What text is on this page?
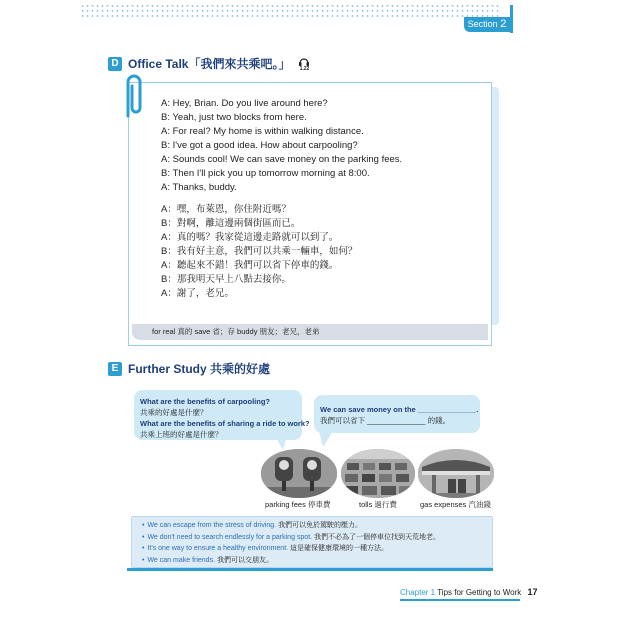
Section 2
D Office Talk「我們來共乘吧。」 1.22
A: Hey, Brian. Do you live around here?
B: Yeah, just two blocks from here.
A: For real? My home is within walking distance.
B: I've got a good idea. How about carpooling?
A: Sounds cool! We can save money on the parking fees.
B: Then I'll pick you up tomorrow morning at 8:00.
A: Thanks, buddy.
A：嘿，布萊恩，你住附近嗎？
B：對啊，離這邊兩個街區而已。
A：真的嗎？我家從這邊走路就可以到了。
B：我有好主意，我們可以共乘一輛車，如何？
A：聽起來不錯！我們可以省下停車的錢。
B：那我明天早上八點去接你。
A：謝了，老兄。
for real 真的 save 省；存 buddy 朋友；老兄，老弟
E Further Study 共乘的好處
What are the benefits of carpooling?
共乘的好處是什麼？
What are the benefits of sharing a ride to work?
共乘上班的好處是什麼？
We can save money on the ______________.
我們可以省下 ______________ 的錢。
parking fees 停車費	tolls 過行費	gas expenses 汽油錢
• We can escape from the stress of driving. 我們可以免於駕駛的壓力。
• We don't need to search endlessly for a parking spot. 我們不必為了一個停車位找到天荒地老。
• It's one way to ensure a healthy environment. 這是確保健康環境的一種方法。
• We can make friends. 我們可以交朋友。
Chapter 1 Tips for Getting to Work 17
